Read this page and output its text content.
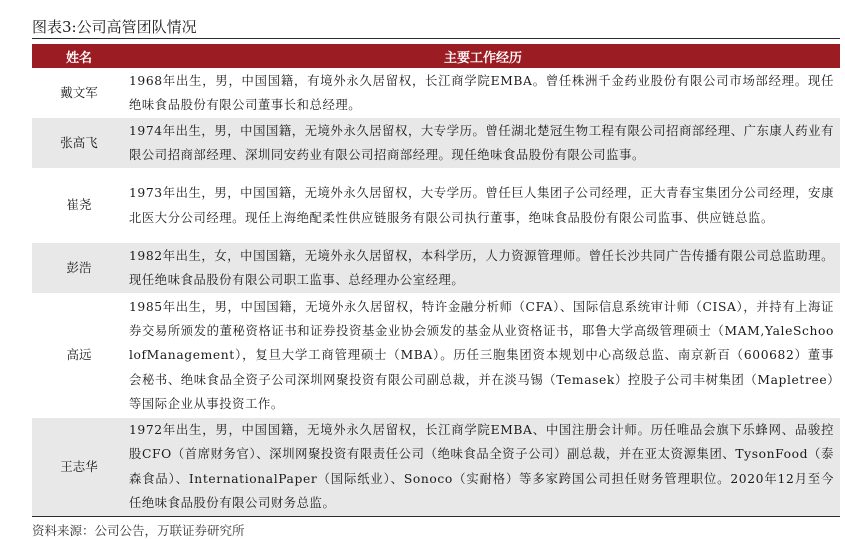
图表3:公司高管团队情况
姓名	主要工作经历
戴文军	1968年出生，男，中国国籍，有境外永久居留权，长江商学院EMBA。曾任株洲千金药业股份有限公司市场部经理。现任绝味食品股份有限公司董事长和总经理。
张高飞	1974年出生，男，中国国籍，无境外永久居留权，大专学历。曾任湖北楚冠生物工程有限公司招商部经理、广东康人药业有限公司招商部经理、深圳同安药业有限公司招商部经理。现任绝味食品股份有限公司监事。
崔尧	1973年出生，男，中国国籍，无境外永久居留权，大专学历。曾任巨人集团子公司经理，正大青春宝集团分公司经理，安康北医大分公司经理。现任上海绝配柔性供应链服务有限公司执行董事，绝味食品股份有限公司监事、供应链总监。
彭浩	1982年出生，女，中国国籍，无境外永久居留权，本科学历，人力资源管理师。曾任长沙共同广告传播有限公司总监助理。现任绝味食品股份有限公司职工监事、总经理办公室经理。
高远	1985年出生，男，中国国籍，无境外永久居留权，特许金融分析师（CFA）、国际信息系统审计师（CISA），并持有上海证券交易所颁发的董秘资格证书和证券投资基金业协会颁发的基金从业资格证书，耶鲁大学高级管理硕士（MAM,YaleSchoolofManagement），复旦大学工商管理硕士（MBA）。历任三胞集团资本规划中心高级总监、南京新百（600682）董事会秘书、绝味食品全资子公司深圳网聚投资有限公司副总裁，并在淡马锡（Temasek）控股子公司丰树集团（Mapletree）等国际企业从事投资工作。
王志华	1972年出生，男，中国国籍，无境外永久居留权，长江商学院EMBA、中国注册会计师。历任唯品会旗下乐蜂网、品骏控股CFO（首席财务官）、深圳网聚投资有限责任公司（绝味食品全资子公司）副总裁，并在亚太资源集团、TysonFood（泰森食品）、InternationalPaper（国际纸业）、Sonoco（实耐格）等多家跨国公司担任财务管理职位。2020年12月至今任绝味食品股份有限公司财务总监。
资料来源：公司公告，万联证券研究所
